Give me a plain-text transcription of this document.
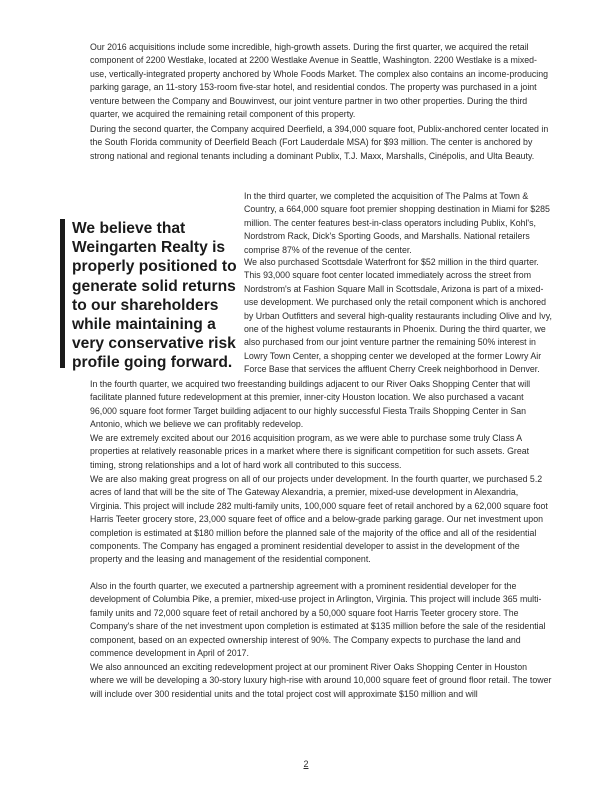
Our 2016 acquisitions include some incredible, high-growth assets. During the first quarter, we acquired the retail component of 2200 Westlake, located at 2200 Westlake Avenue in Seattle, Washington. 2200 Westlake is a mixed-use, vertically-integrated property anchored by Whole Foods Market. The complex also contains an income-producing parking garage, an 11-story 153-room five-star hotel, and residential condos. The property was purchased in a joint venture between the Company and Bouwinvest, our joint venture partner in two other properties. During the third quarter, we acquired the remaining retail component of this property.

During the second quarter, the Company acquired Deerfield, a 394,000 square foot, Publix-anchored center located in the South Florida community of Deerfield Beach (Fort Lauderdale MSA) for $93 million. The center is anchored by strong national and regional tenants including a dominant Publix, T.J. Maxx, Marshalls, Cinépolis, and Ulta Beauty.

We believe that Weingarten Realty is properly positioned to generate solid returns to our shareholders while maintaining a very conservative risk profile going forward.

In the third quarter, we completed the acquisition of The Palms at Town & Country, a 664,000 square foot premier shopping destination in Miami for $285 million. The center features best-in-class operators including Publix, Kohl's, Nordstrom Rack, Dick's Sporting Goods, and Marshalls. National retailers comprise 87% of the revenue of the center.

We also purchased Scottsdale Waterfront for $52 million in the third quarter. This 93,000 square foot center located immediately across the street from Nordstrom's at Fashion Square Mall in Scottsdale, Arizona is part of a mixed-use development. We purchased only the retail component which is anchored by Urban Outfitters and several high-quality restaurants including Olive and Ivy, one of the highest volume restaurants in Phoenix. During the third quarter, we also purchased from our joint venture partner the remaining 50% interest in Lowry Town Center, a shopping center we developed at the former Lowry Air Force Base that services the affluent Cherry Creek neighborhood in Denver.

In the fourth quarter, we acquired two freestanding buildings adjacent to our River Oaks Shopping Center that will facilitate planned future redevelopment at this premier, inner-city Houston location. We also purchased a vacant 96,000 square foot former Target building adjacent to our highly successful Fiesta Trails Shopping Center in San Antonio, which we believe we can profitably redevelop.

We are extremely excited about our 2016 acquisition program, as we were able to purchase some truly Class A properties at relatively reasonable prices in a market where there is significant competition for such assets. Great timing, strong relationships and a lot of hard work all contributed to this success.

We are also making great progress on all of our projects under development. In the fourth quarter, we purchased 5.2 acres of land that will be the site of The Gateway Alexandria, a premier, mixed-use development in Alexandria, Virginia. This project will include 282 multi-family units, 100,000 square feet of retail anchored by a 62,000 square foot Harris Teeter grocery store, 23,000 square feet of office and a below-grade parking garage. Our net investment upon completion is estimated at $180 million before the planned sale of the majority of the office and all of the residential components. The Company has engaged a prominent residential developer to assist in the development of the property and the leasing and management of the residential component.

Also in the fourth quarter, we executed a partnership agreement with a prominent residential developer for the development of Columbia Pike, a premier, mixed-use project in Arlington, Virginia. This project will include 365 multi-family units and 72,000 square feet of retail anchored by a 50,000 square foot Harris Teeter grocery store. The Company's share of the net investment upon completion is estimated at $135 million before the sale of the residential component, based on an expected ownership interest of 90%. The Company expects to purchase the land and commence development in April of 2017.

We also announced an exciting redevelopment project at our prominent River Oaks Shopping Center in Houston where we will be developing a 30-story luxury high-rise with around 10,000 square feet of ground floor retail. The tower will include over 300 residential units and the total project cost will approximate $150 million and will

2
